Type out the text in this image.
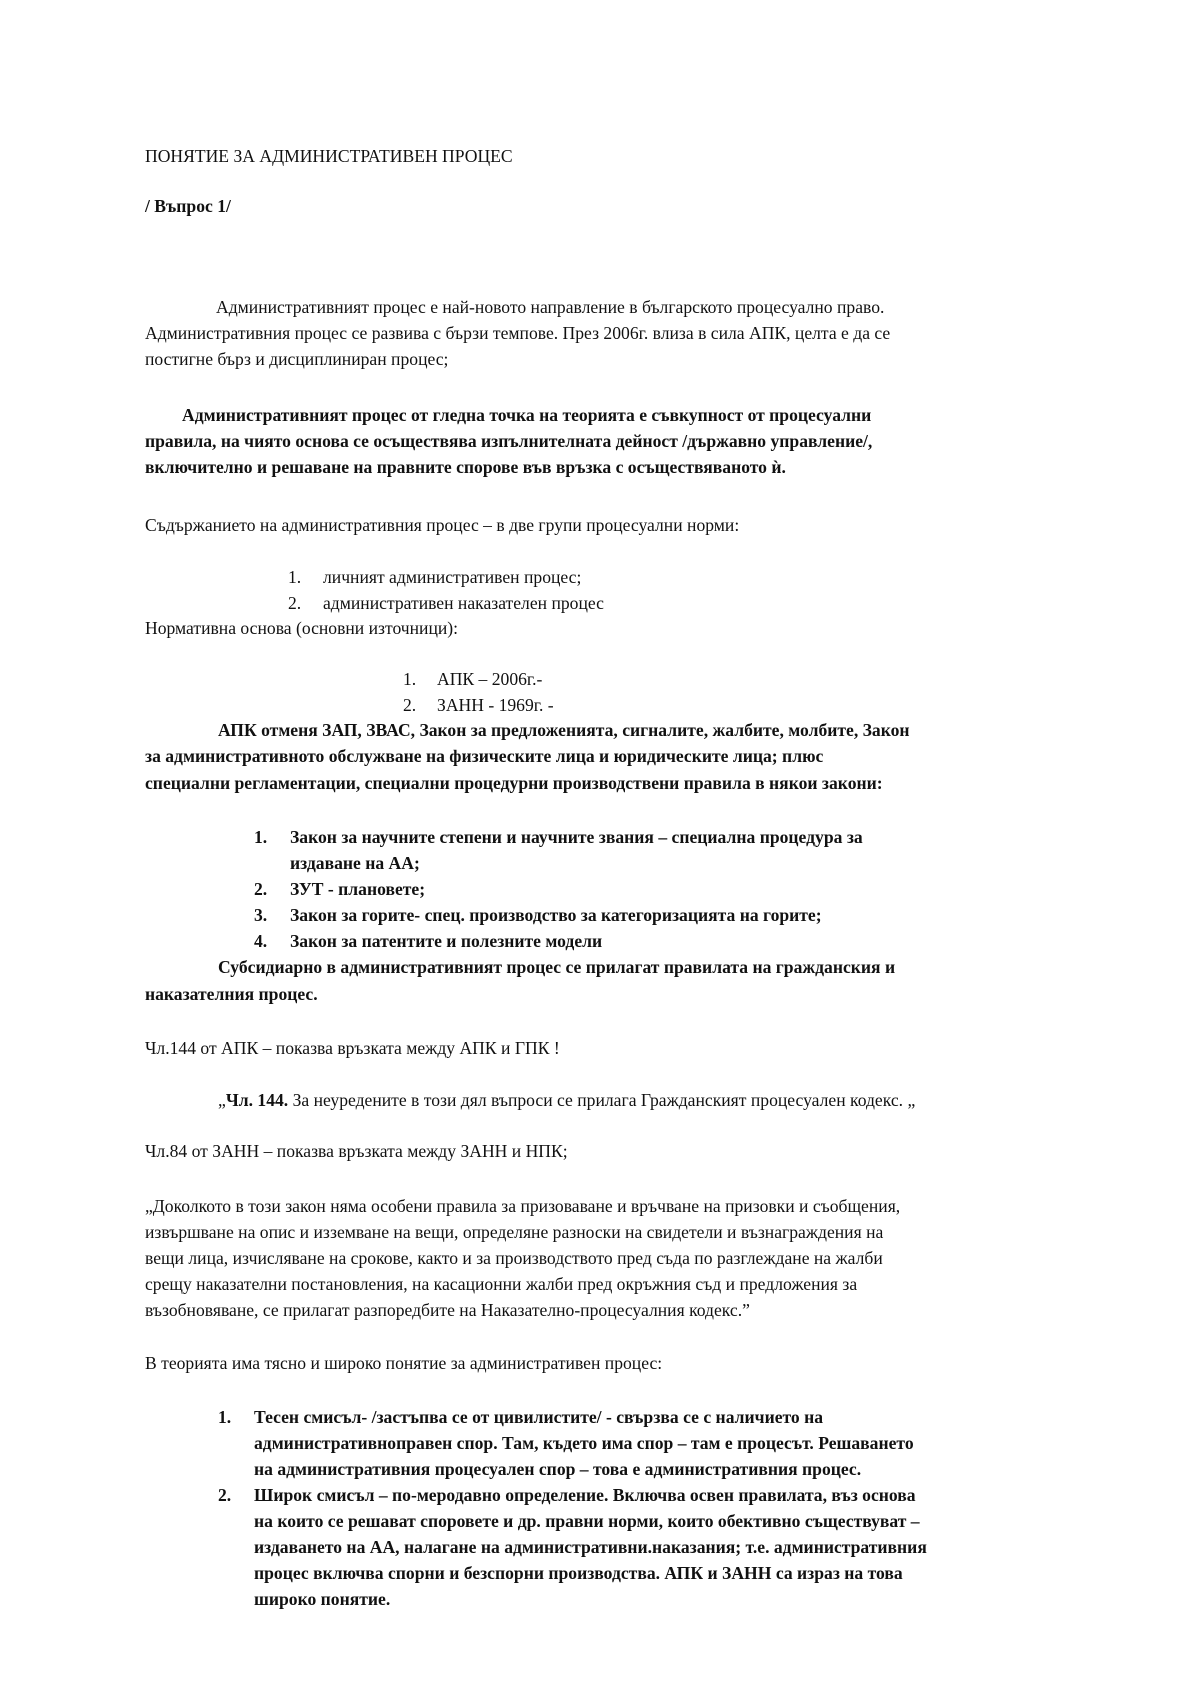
ПОНЯТИЕ ЗА АДМИНИСТРАТИВЕН ПРОЦЕС
/ Въпрос 1/
Административният процес е най-новото направление в българското процесуално право.
Административния процес се развива с бързи темпове. През 2006г. влиза в сила АПК, целта е да се
постигне бърз и дисциплиниран процес;
Административният процес от гледна точка на теорията е съвкупност от процесуални
правила, на чиято основа се осъществява изпълнителната дейност /държавно управление/,
включително и решаване на правните спорове във връзка с осъществяваното ѝ.
Съдържанието на административния процес – в две групи процесуални норми:
1. личният административен процес;
2. административен наказателен процес
Нормативна основа (основни източници):
1. АПК – 2006г.-
2. ЗАНН - 1969г. -
АПК отменя ЗАП, ЗВАС, Закон за предложенията, сигналите, жалбите, молбите, Закон
за административното обслужване на физическите лица и юридическите лица; плюс
специални регламентации, специални процедурни производствени правила в някои закони:
1. Закон за научните степени и научните звания – специална процедура за
издаване на АА;
2. ЗУТ - плановете;
3. Закон за горите- спец. производство за категоризацията на горите;
4. Закон за патентите и полезните модели
Субсидиарно в административният процес се прилагат правилата на гражданския и
наказателния процес.
Чл.144 от АПК – показва връзката между АПК и ГПК !
„Чл. 144. За неуредените в този дял въпроси се прилага Гражданският процесуален кодекс. „
Чл.84 от ЗАНН – показва връзката между ЗАНН и НПК;
„Доколкото в този закон няма особени правила за призоваване и връчване на призовки и съобщения,
извършване на опис и изземване на вещи, определяне разноски на свидетели и възнаграждения на
вещи лица, изчисляване на срокове, както и за производството пред съда по разглеждане на жалби
срещу наказателни постановления, на касационни жалби пред окръжния съд и предложения за
възобновяване, се прилагат разпоредбите на Наказателно-процесуалния кодекс.”
В теорията има тясно и широко понятие за административен процес:
1. Тесен смисъл- /застъпва се от цивилистите/ - свързва се с наличието на
административноправен спор. Там, където има спор – там е процесът. Решаването
на административния процесуален спор – това е административния процес.
2. Широк смисъл – по-меродавно определение. Включва освен правилата, въз основа
на които се решават споровете и др. правни норми, които обективно съществуват –
издаването на АА, налагане на административни.наказания; т.е. административния
процес включва спорни и безспорни производства. АПК и ЗАНН са израз на това
широко понятие.
